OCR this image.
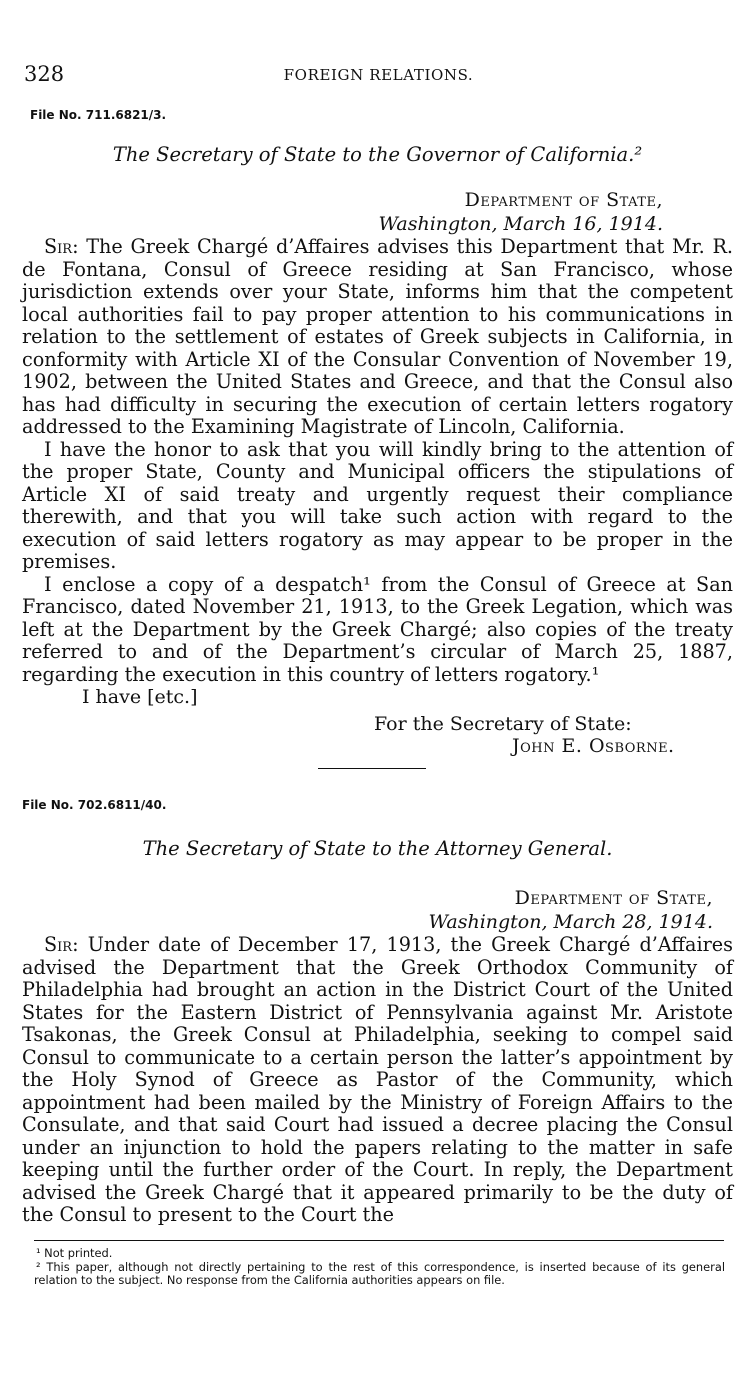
328	FOREIGN RELATIONS.

File No. 711.6821/3.

The Secretary of State to the Governor of California.²

Department of State,
Washington, March 16, 1914.

Sir: The Greek Chargé d’Affaires advises this Department that Mr. R. de Fontana, Consul of Greece residing at San Francisco, whose jurisdiction extends over your State, informs him that the competent local authorities fail to pay proper attention to his communications in relation to the settlement of estates of Greek subjects in California, in conformity with Article XI of the Consular Convention of November 19, 1902, between the United States and Greece, and that the Consul also has had difficulty in securing the execution of certain letters rogatory addressed to the Examining Magistrate of Lincoln, California.

I have the honor to ask that you will kindly bring to the attention of the proper State, County and Municipal officers the stipulations of Article XI of said treaty and urgently request their compliance therewith, and that you will take such action with regard to the execution of said letters rogatory as may appear to be proper in the premises.

I enclose a copy of a despatch¹ from the Consul of Greece at San Francisco, dated November 21, 1913, to the Greek Legation, which was left at the Department by the Greek Chargé; also copies of the treaty referred to and of the Department’s circular of March 25, 1887, regarding the execution in this country of letters rogatory.¹

I have [etc.]

For the Secretary of State:

John E. Osborne.

File No. 702.6811/40.

The Secretary of State to the Attorney General.

Department of State,
Washington, March 28, 1914.

Sir: Under date of December 17, 1913, the Greek Chargé d’Affaires advised the Department that the Greek Orthodox Community of Philadelphia had brought an action in the District Court of the United States for the Eastern District of Pennsylvania against Mr. Aristote Tsakonas, the Greek Consul at Philadelphia, seeking to compel said Consul to communicate to a certain person the latter’s appointment by the Holy Synod of Greece as Pastor of the Community, which appointment had been mailed by the Ministry of Foreign Affairs to the Consulate, and that said Court had issued a decree placing the Consul under an injunction to hold the papers relating to the matter in safe keeping until the further order of the Court. In reply, the Department advised the Greek Chargé that it appeared primarily to be the duty of the Consul to present to the Court the

¹ Not printed.

² This paper, although not directly pertaining to the rest of this correspondence, is inserted because of its general relation to the subject. No response from the California authorities appears on file.
